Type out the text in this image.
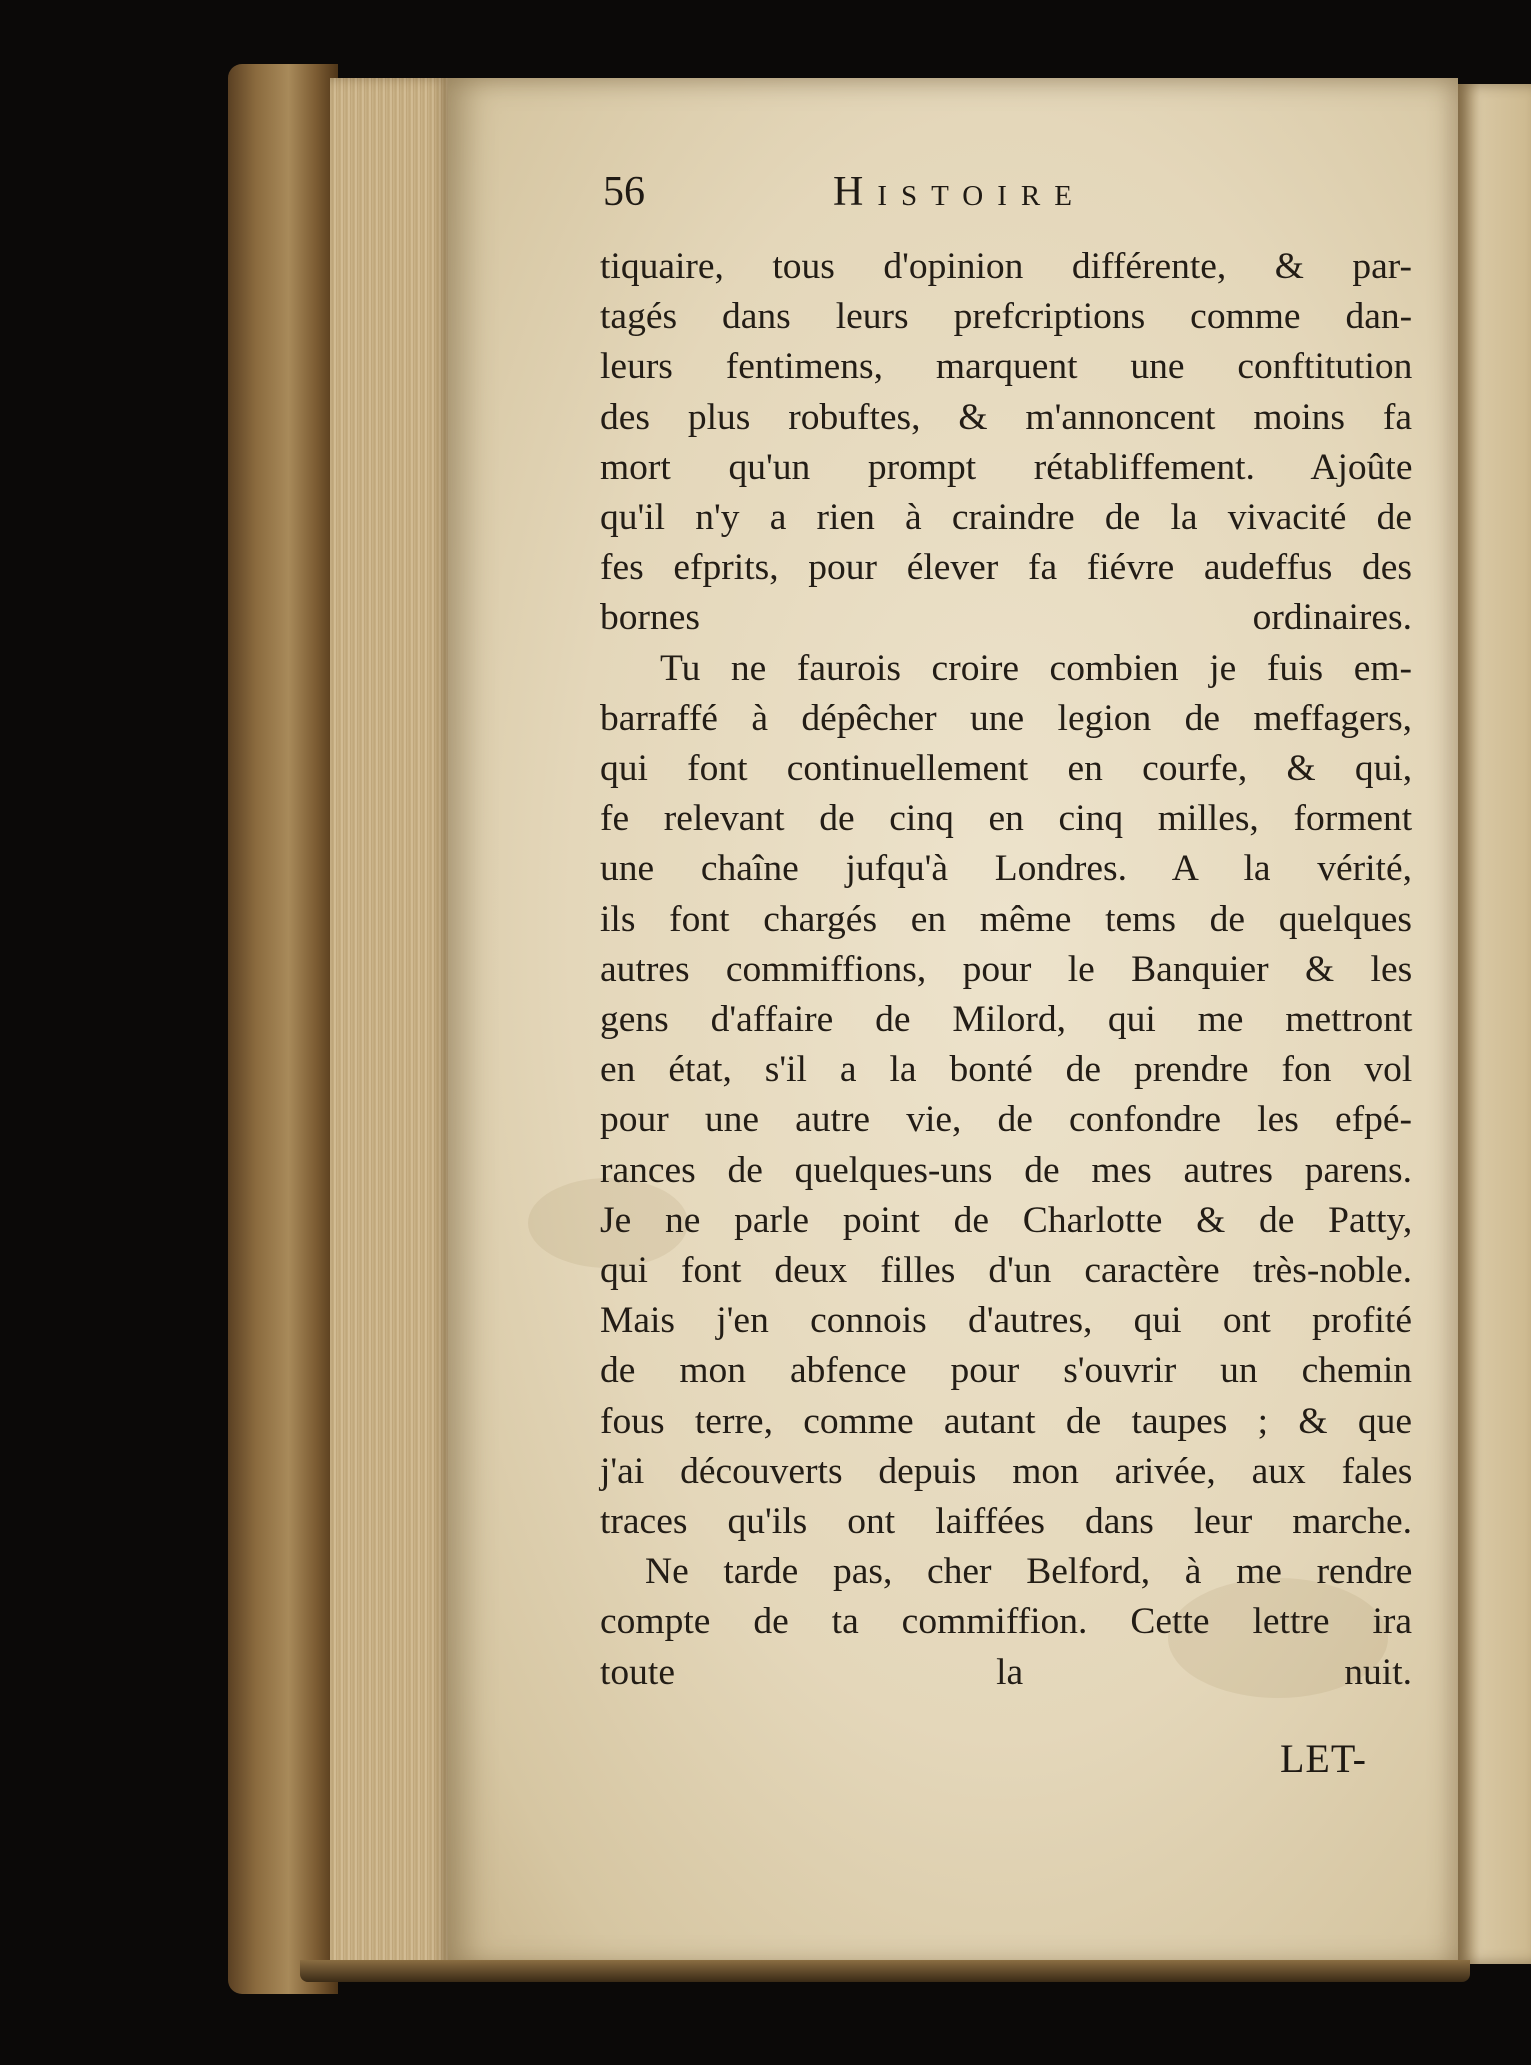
56	Histoire

tiquaire, tous d'opinion différente, & par-
tagés dans leurs prefcriptions comme dan-
leurs fentimens, marquent une conftitution
des plus robuftes, & m'annoncent moins fa
mort qu'un prompt rétabliffement. Ajoûte
qu'il n'y a rien à craindre de la vivacité de
fes efprits, pour élever fa fiévre audeffus des
bornes ordinaires.

Tu ne faurois croire combien je fuis em-
barraffé à dépêcher une legion de meffagers,
qui font continuellement en courfe, & qui,
fe relevant de cinq en cinq milles, forment
une chaîne jufqu'à Londres. A la vérité,
ils font chargés en même tems de quelques
autres commiffions, pour le Banquier & les
gens d'affaire de Milord, qui me mettront
en état, s'il a la bonté de prendre fon vol
pour une autre vie, de confondre les efpé-
rances de quelques-uns de mes autres parens.
Je ne parle point de Charlotte & de Patty,
qui font deux filles d'un caractère très-noble.
Mais j'en connois d'autres, qui ont profité
de mon abfence pour s'ouvrir un chemin
fous terre, comme autant de taupes ; & que
j'ai découverts depuis mon arivée, aux fales
traces qu'ils ont laiffées dans leur marche.

Ne tarde pas, cher Belford, à me rendre
compte de ta commiffion. Cette lettre ira
toute la nuit.

LET-
